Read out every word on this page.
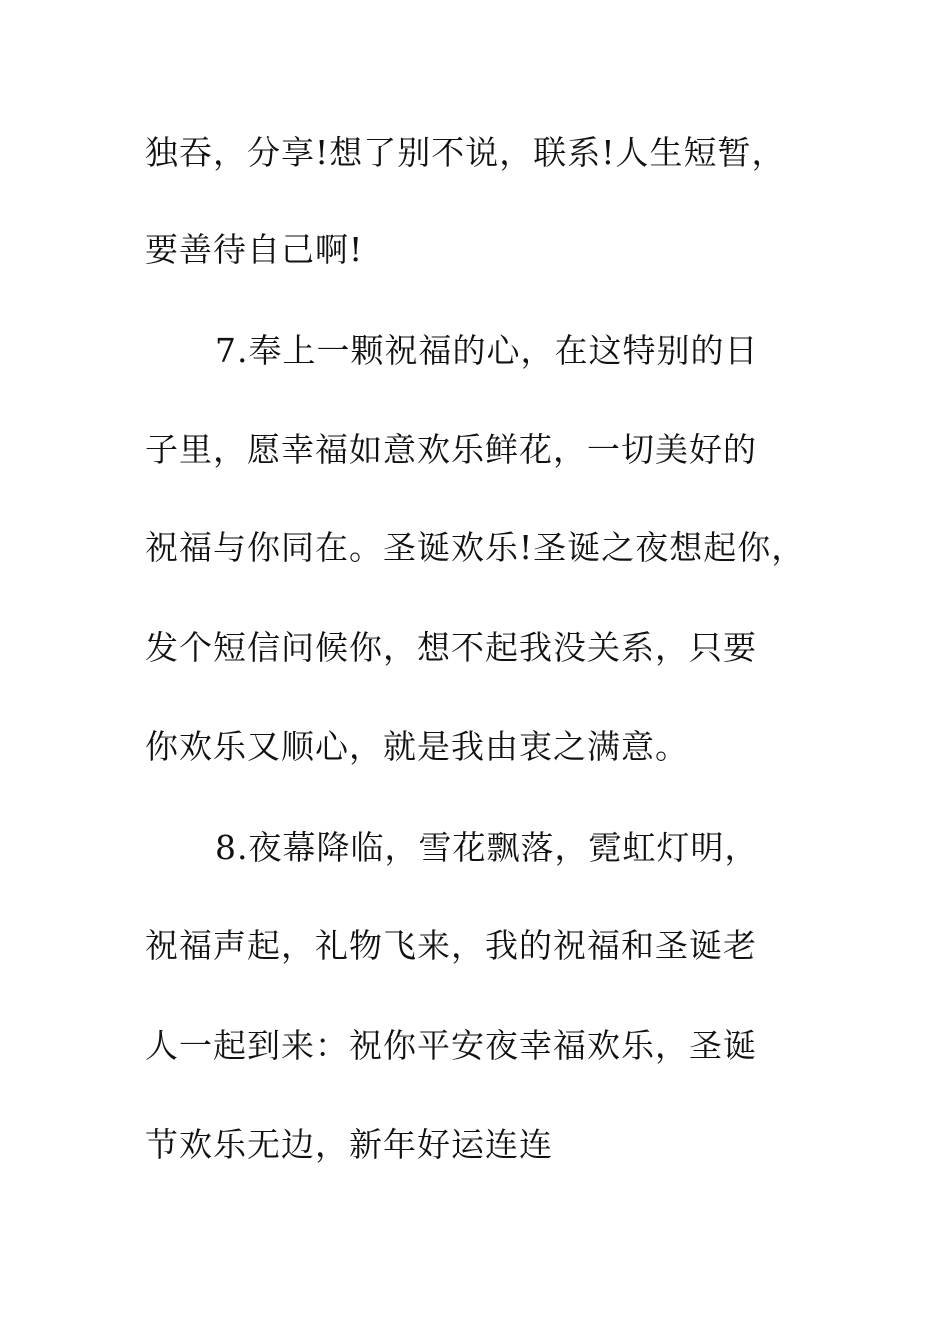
独吞，分享!想了别不说，联系!人生短暂，
要善待自己啊!
7.奉上一颗祝福的心，在这特别的日
子里，愿幸福如意欢乐鲜花，一切美好的
祝福与你同在。圣诞欢乐!圣诞之夜想起你，
发个短信问候你，想不起我没关系，只要
你欢乐又顺心，就是我由衷之满意。
8.夜幕降临，雪花飘落，霓虹灯明，
祝福声起，礼物飞来，我的祝福和圣诞老
人一起到来：祝你平安夜幸福欢乐，圣诞
节欢乐无边，新年好运连连
